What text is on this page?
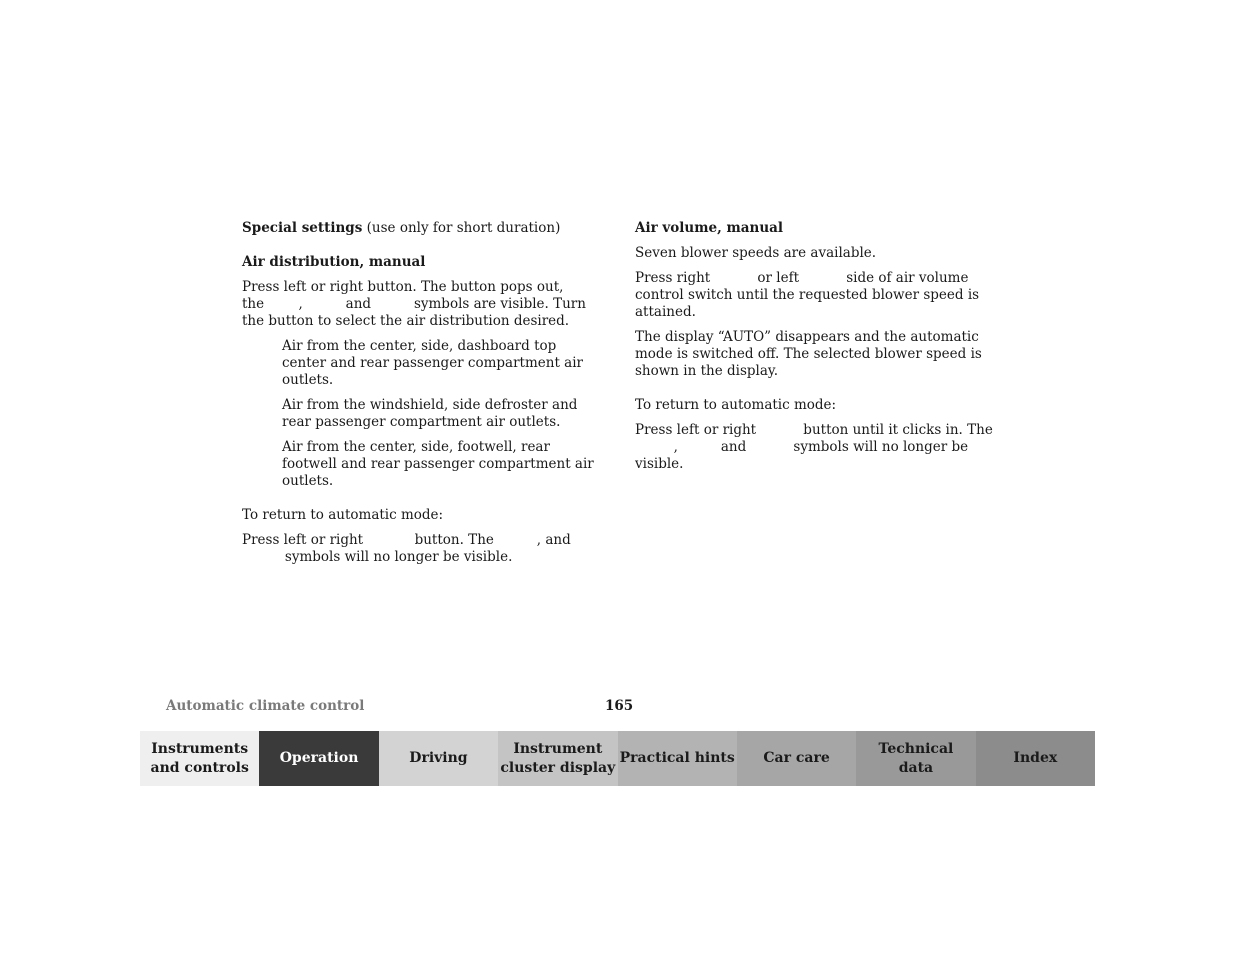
Special settings (use only for short duration)

Air distribution, manual

Press left or right button. The button pops out, the        ,          and          symbols are visible. Turn the button to select the air distribution desired.

Air from the center, side, dashboard top center and rear passenger compartment air outlets.

Air from the windshield, side defroster and rear passenger compartment air outlets.

Air from the center, side, footwell, rear footwell and rear passenger compartment air outlets.

To return to automatic mode:

Press left or right            button. The          , and           symbols will no longer be visible.

Air volume, manual

Seven blower speeds are available.

Press right           or left           side of air volume control switch until the requested blower speed is attained.

The display “AUTO” disappears and the automatic mode is switched off. The selected blower speed is shown in the display.

To return to automatic mode:

Press left or right           button until it clicks in. The          ,          and           symbols will no longer be visible.

Automatic climate control	165
Instruments
and controls
Operation	Driving
Instrument
cluster display
Practical hints	Car care
Technical
data
Index
